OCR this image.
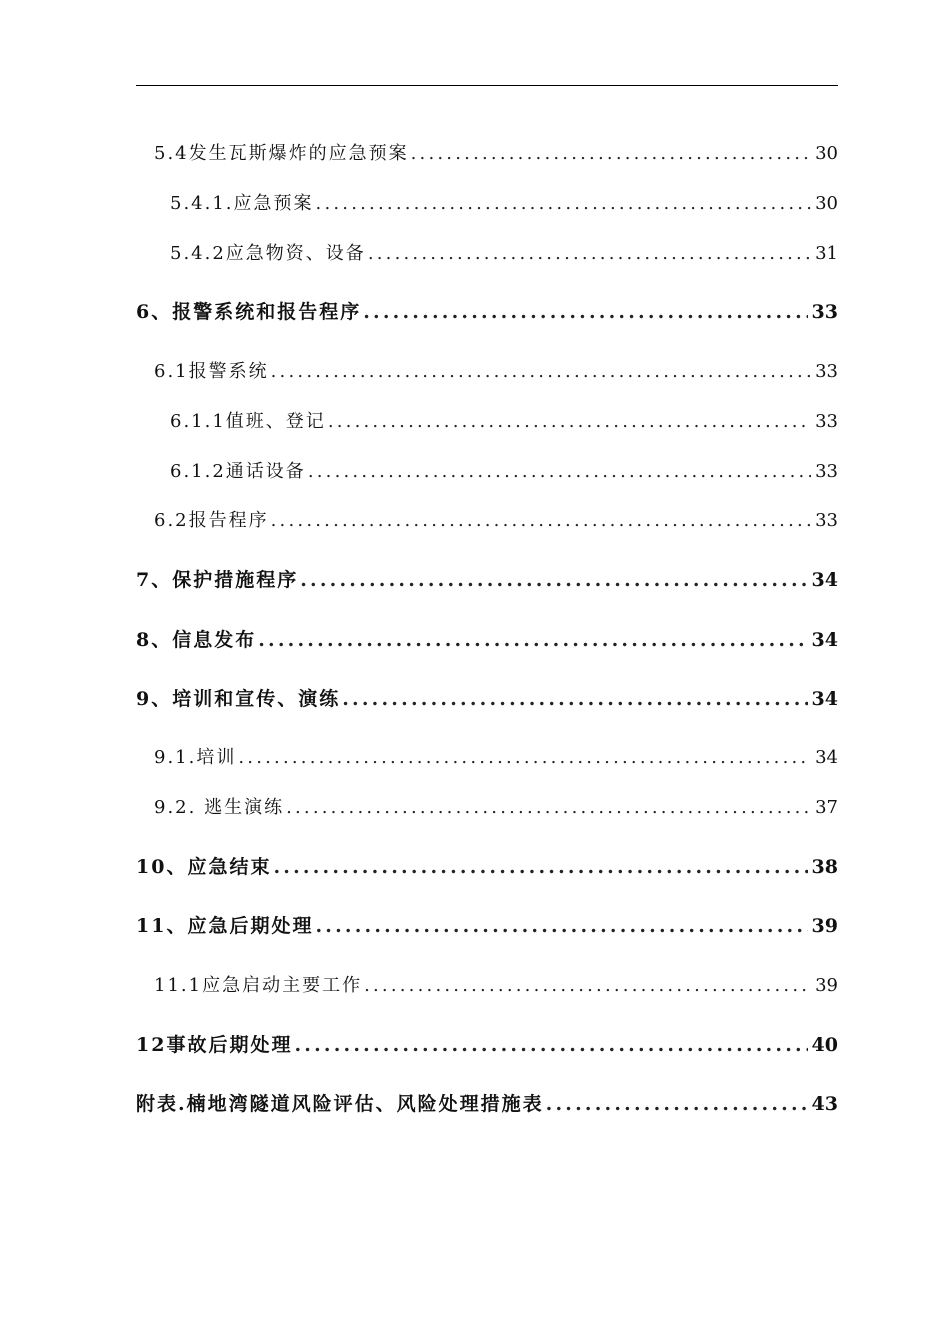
5.4发生瓦斯爆炸的应急预案 .....	30
5.4.1.应急预案 .....	30
5.4.2应急物资、设备 .....	31
6、报警系统和报告程序 .....	33
6.1报警系统 .....	33
6.1.1值班、登记 .....	33
6.1.2通话设备 .....	33
6.2报告程序 .....	33
7、保护措施程序 .....	34
8、信息发布 .....	34
9、培训和宣传、演练 .....	34
9.1.培训 .....	34
9.2. 逃生演练 .....	37
10、应急结束 .....	38
11、应急后期处理 .....	39
11.1应急启动主要工作 .....	39
12事故后期处理 .....	40
附表.楠地湾隧道风险评估、风险处理措施表 .....	43
